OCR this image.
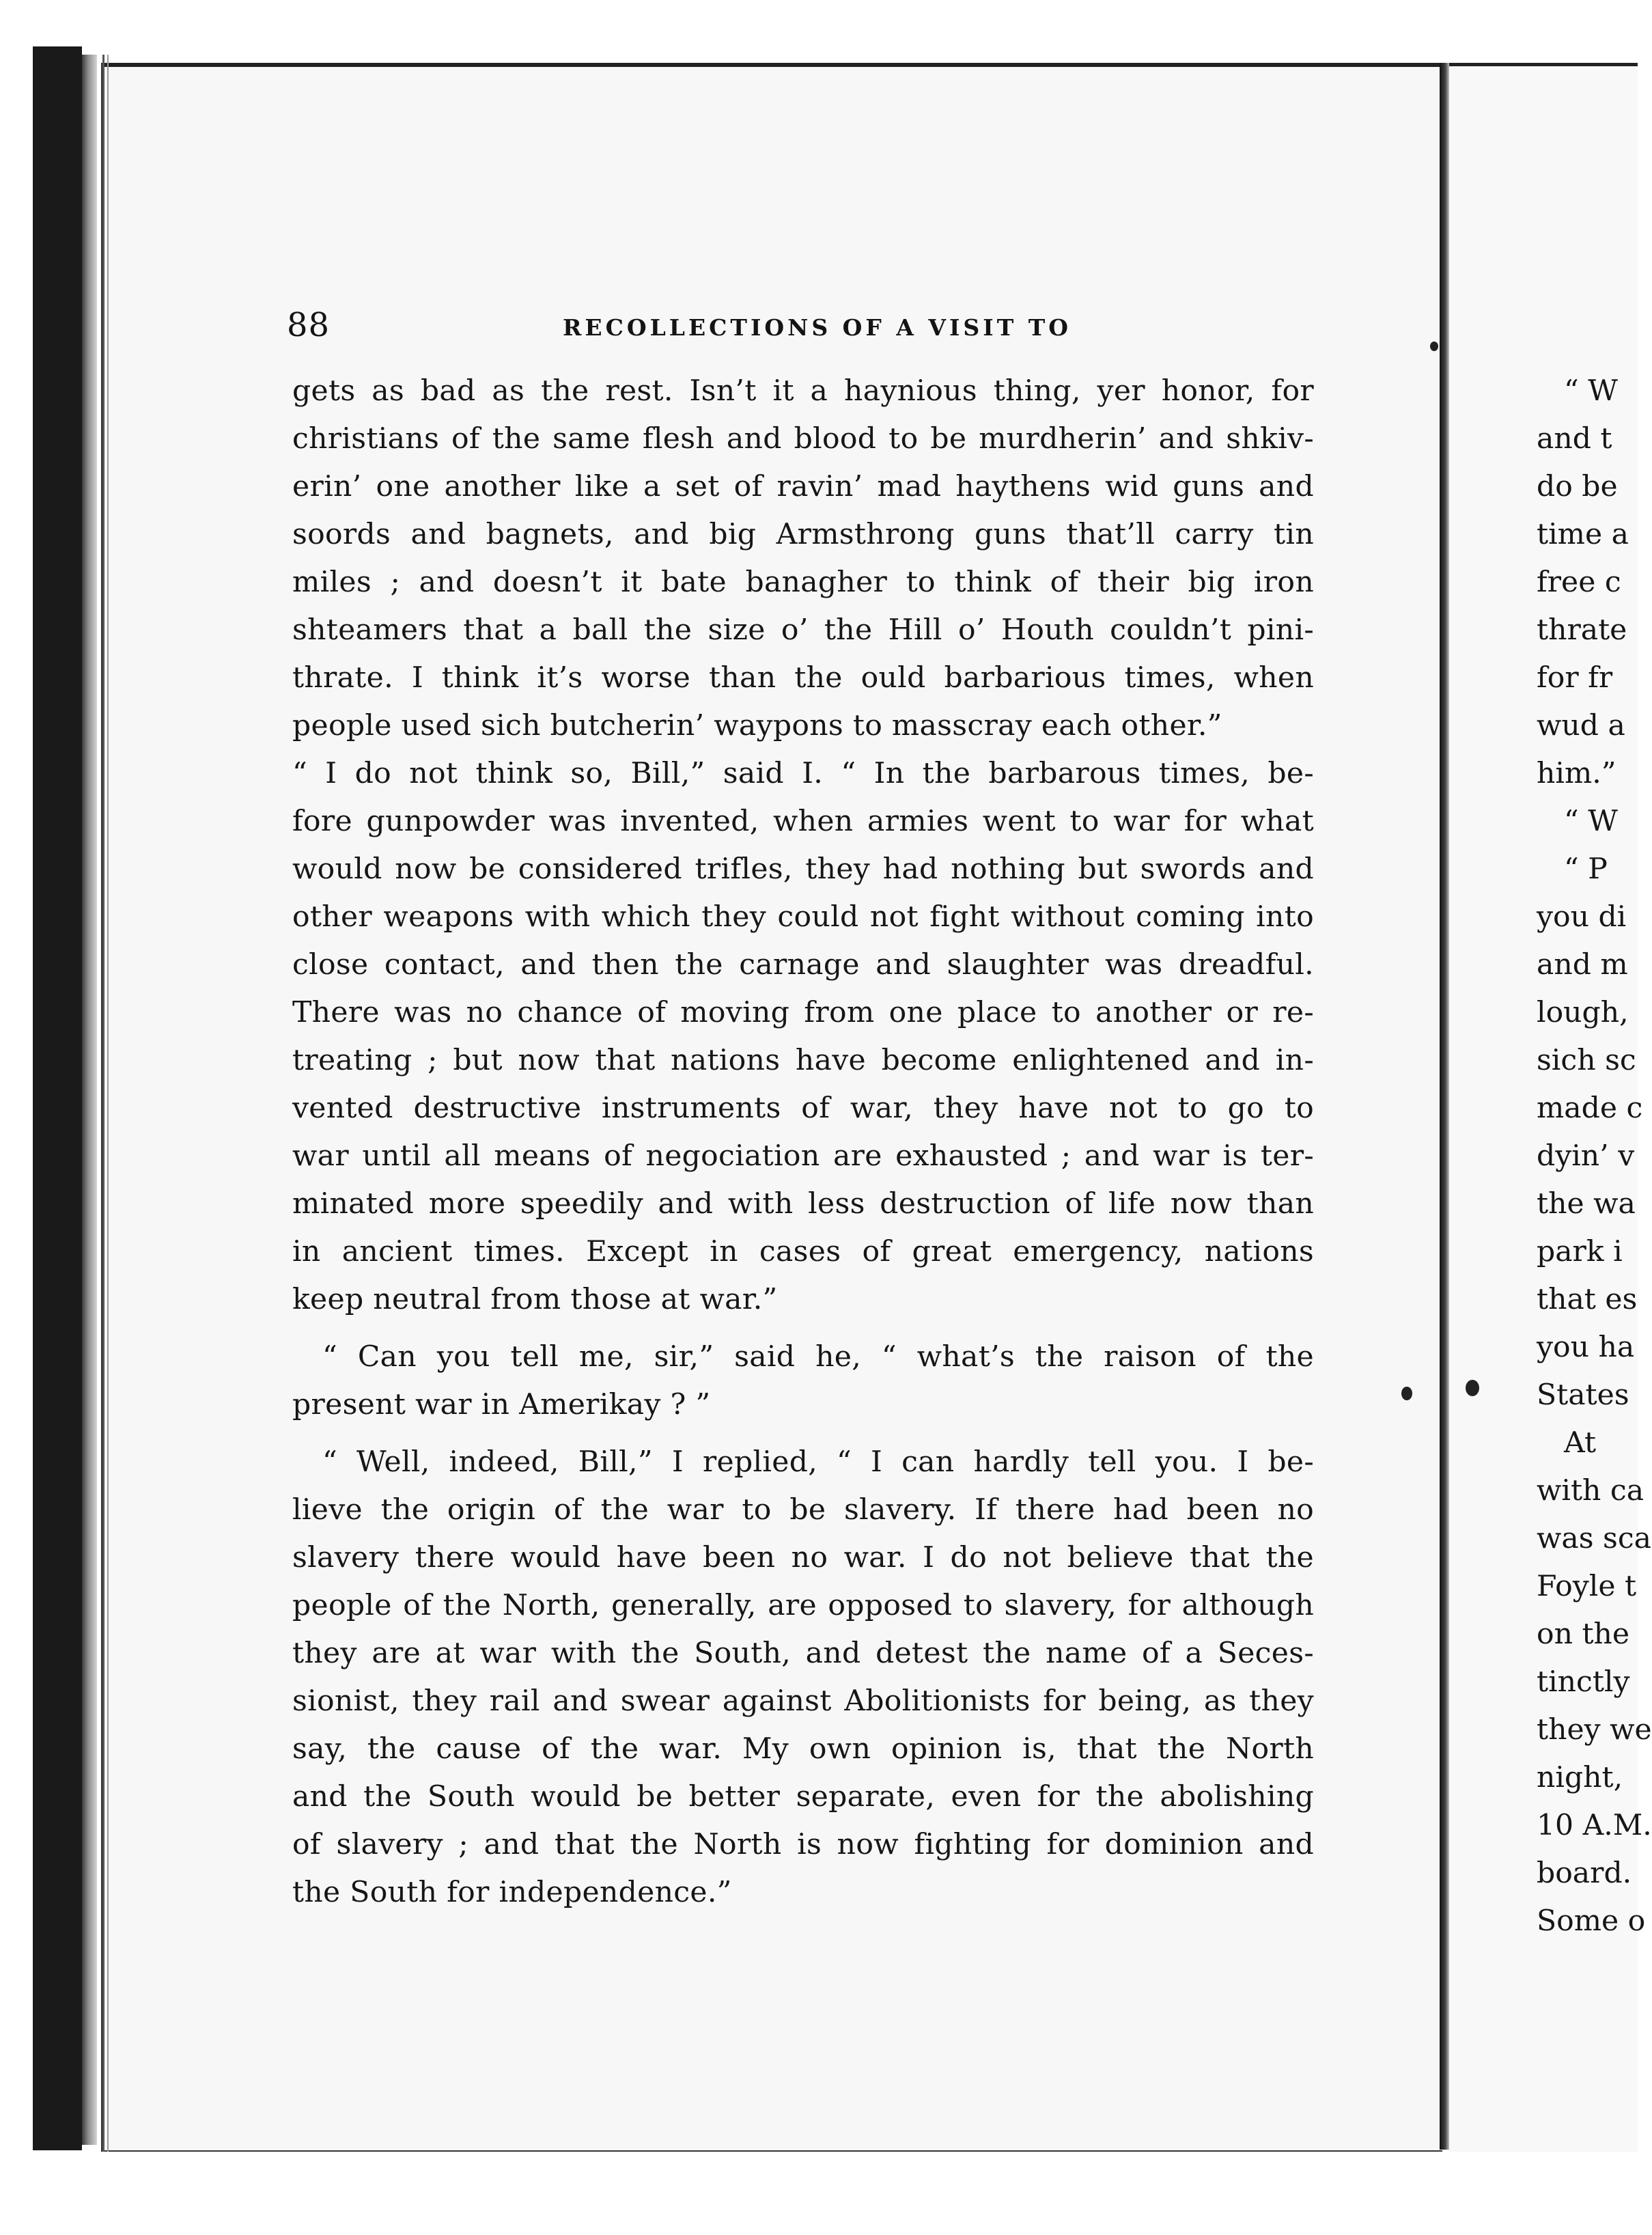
88	RECOLLECTIONS OF A VISIT TO
gets as bad as the rest. Isn’t it a haynious thing, yer honor, for
christians of the same flesh and blood to be murdherin’ and shkiv-
erin’ one another like a set of ravin’ mad haythens wid guns and
soords and bagnets, and big Armsthrong guns that’ll carry tin
miles ; and doesn’t it bate banagher to think of their big iron
shteamers that a ball the size o’ the Hill o’ Houth couldn’t pini-
thrate. I think it’s worse than the ould barbarious times, when
people used sich butcherin’ waypons to masscray each other.”
“ I do not think so, Bill,” said I. “ In the barbarous times, be-
fore gunpowder was invented, when armies went to war for what
would now be considered trifles, they had nothing but swords and
other weapons with which they could not fight without coming into
close contact, and then the carnage and slaughter was dreadful.
There was no chance of moving from one place to another or re-
treating ; but now that nations have become enlightened and in-
vented destructive instruments of war, they have not to go to
war until all means of negociation are exhausted ; and war is ter-
minated more speedily and with less destruction of life now than
in ancient times. Except in cases of great emergency, nations
keep neutral from those at war.”
“ Can you tell me, sir,” said he, “ what’s the raison of the
present war in Amerikay ? ”
“ Well, indeed, Bill,” I replied, “ I can hardly tell you. I be-
lieve the origin of the war to be slavery. If there had been no
slavery there would have been no war. I do not believe that the
people of the North, generally, are opposed to slavery, for although
they are at war with the South, and detest the name of a Seces-
sionist, they rail and swear against Abolitionists for being, as they
say, the cause of the war. My own opinion is, that the North
and the South would be better separate, even for the abolishing
of slavery ; and that the North is now fighting for dominion and
the South for independence.”
“ W
and t
do be
time a
free c
thrate
for fr
wud a
him.”
“ W
“ P
you di
and m
lough,
sich sc
made c
dyin’ v
the wa
park i
that es
you ha
States
At
with ca
was sca
Foyle t
on the
tinctly
they we
night,
10 A.M.
board.
Some o
